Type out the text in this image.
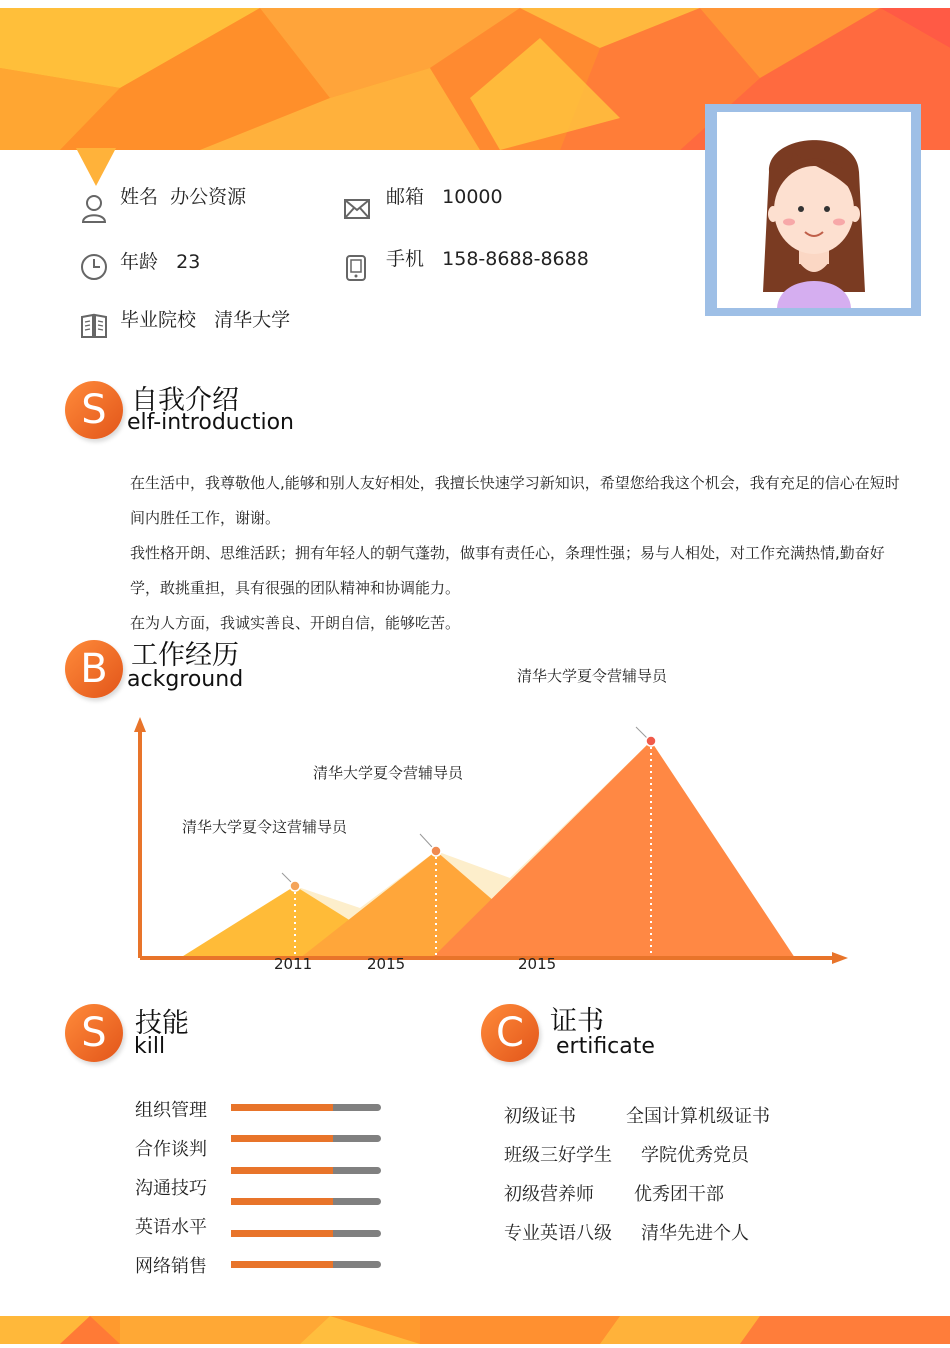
姓名 办公资源	邮箱 10000
年龄 23	手机 158-8688-8688
毕业院校 清华大学
S 自我介绍
elf-introduction

在生活中，我尊敬他人,能够和别人友好相处，我擅长快速学习新知识，希望您给我这个机会，我有充足的信心在短时间内胜任工作，谢谢。

我性格开朗、思维活跃；拥有年轻人的朝气蓬勃，做事有责任心，条理性强；易与人相处，对工作充满热情,勤奋好学，敢挑重担，具有很强的团队精神和协调能力。

在为人方面，我诚实善良、开朗自信，能够吃苦。

B 工作经历
ackground
清华大学夏令这营辅导员
清华大学夏令营辅导员
清华大学夏令营辅导员
2011	2015	2015
S	技能
kill
组织管理
合作谈判
沟通技巧
英语水平
网络销售
C 证书
ertificate
初级证书	全国计算机级证书
班级三好学生 学院优秀党员
初级营养师 优秀团干部
专业英语八级 清华先进个人
